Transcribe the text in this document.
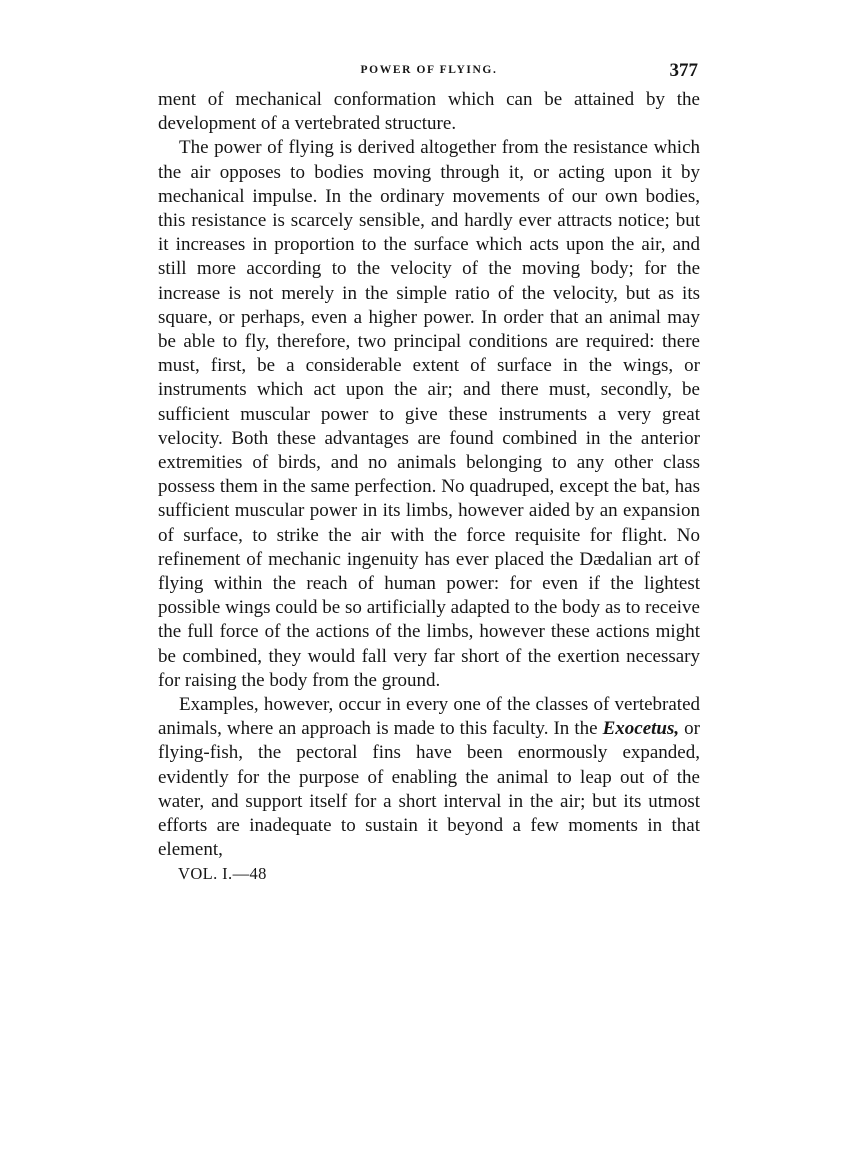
POWER OF FLYING.	377

ment of mechanical conformation which can be attained by the development of a vertebrated structure.

The power of flying is derived altogether from the resistance which the air opposes to bodies moving through it, or acting upon it by mechanical impulse. In the ordinary movements of our own bodies, this resistance is scarcely sensible, and hardly ever attracts notice; but it increases in proportion to the surface which acts upon the air, and still more according to the velocity of the moving body; for the increase is not merely in the simple ratio of the velocity, but as its square, or perhaps, even a higher power. In order that an animal may be able to fly, therefore, two principal conditions are required: there must, first, be a considerable extent of surface in the wings, or instruments which act upon the air; and there must, secondly, be sufficient muscular power to give these instruments a very great velocity. Both these advantages are found combined in the anterior extremities of birds, and no animals belonging to any other class possess them in the same perfection. No quadruped, except the bat, has sufficient muscular power in its limbs, however aided by an expansion of surface, to strike the air with the force requisite for flight. No refinement of mechanic ingenuity has ever placed the Dædalian art of flying within the reach of human power: for even if the lightest possible wings could be so artificially adapted to the body as to receive the full force of the actions of the limbs, however these actions might be combined, they would fall very far short of the exertion necessary for raising the body from the ground.

Examples, however, occur in every one of the classes of vertebrated animals, where an approach is made to this faculty. In the Exocetus, or flying-fish, the pectoral fins have been enormously expanded, evidently for the purpose of enabling the animal to leap out of the water, and support itself for a short interval in the air; but its utmost efforts are inadequate to sustain it beyond a few moments in that element,

VOL. I.—48
